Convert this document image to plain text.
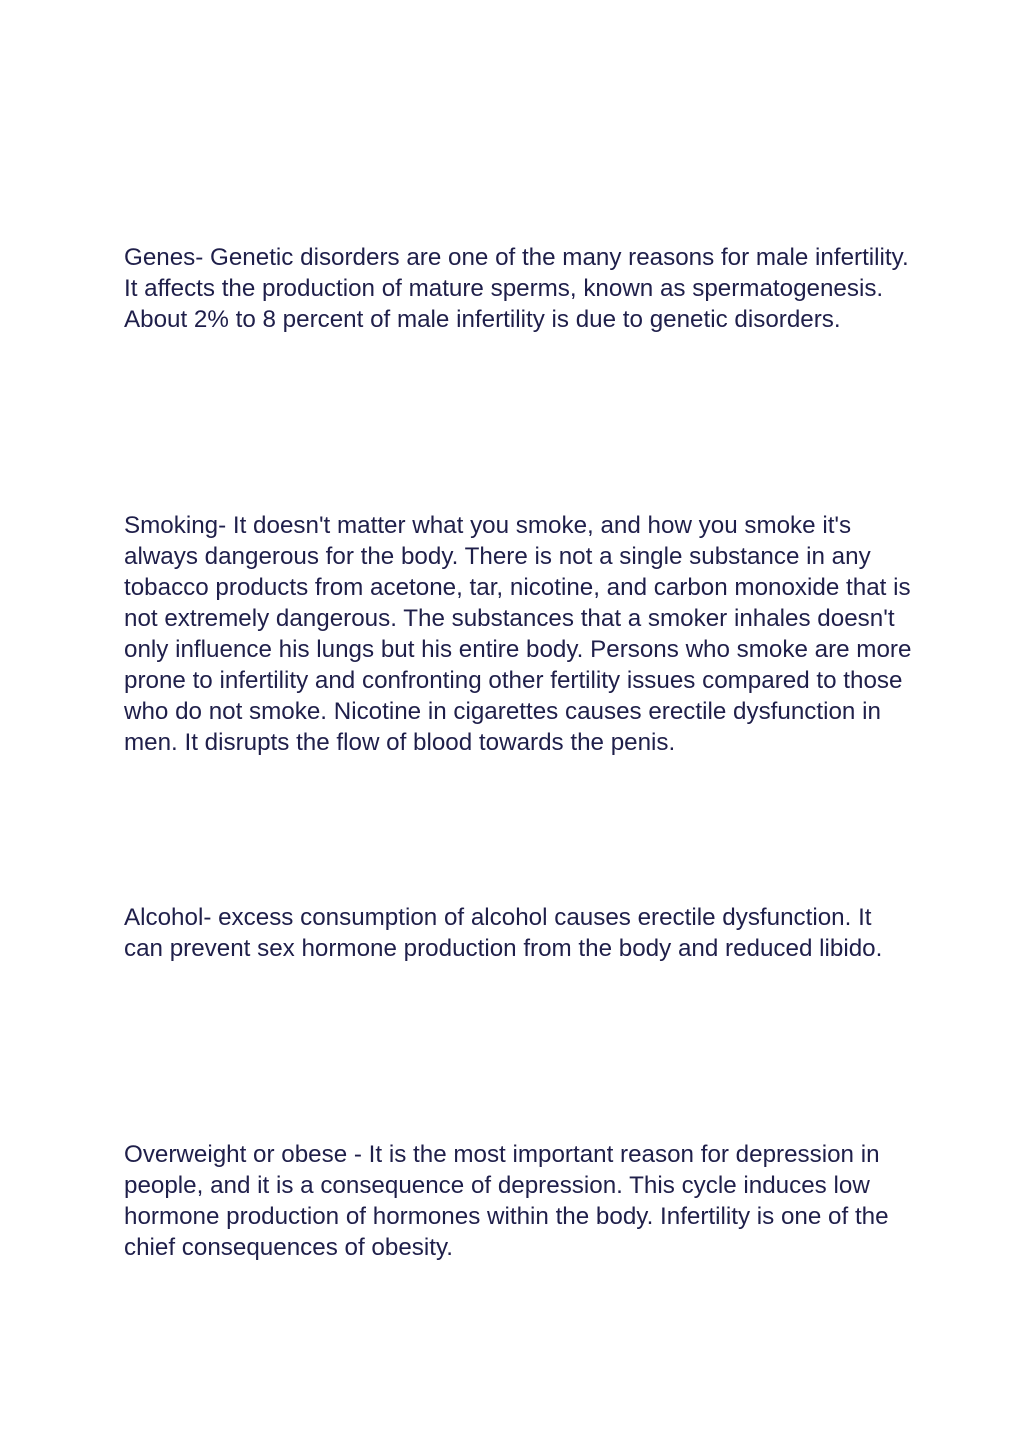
Genes- Genetic disorders are one of the many reasons for male infertility. It affects the production of mature sperms, known as spermatogenesis. About 2% to 8 percent of male infertility is due to genetic disorders.

Smoking- It doesn't matter what you smoke, and how you smoke it's always dangerous for the body. There is not a single substance in any tobacco products from acetone, tar, nicotine, and carbon monoxide that is not extremely dangerous. The substances that a smoker inhales doesn't only influence his lungs but his entire body. Persons who smoke are more prone to infertility and confronting other fertility issues compared to those who do not smoke. Nicotine in cigarettes causes erectile dysfunction in men. It disrupts the flow of blood towards the penis.

Alcohol- excess consumption of alcohol causes erectile dysfunction. It can prevent sex hormone production from the body and reduced libido.

Overweight or obese - It is the most important reason for depression in people, and it is a consequence of depression. This cycle induces low hormone production of hormones within the body. Infertility is one of the chief consequences of obesity.
